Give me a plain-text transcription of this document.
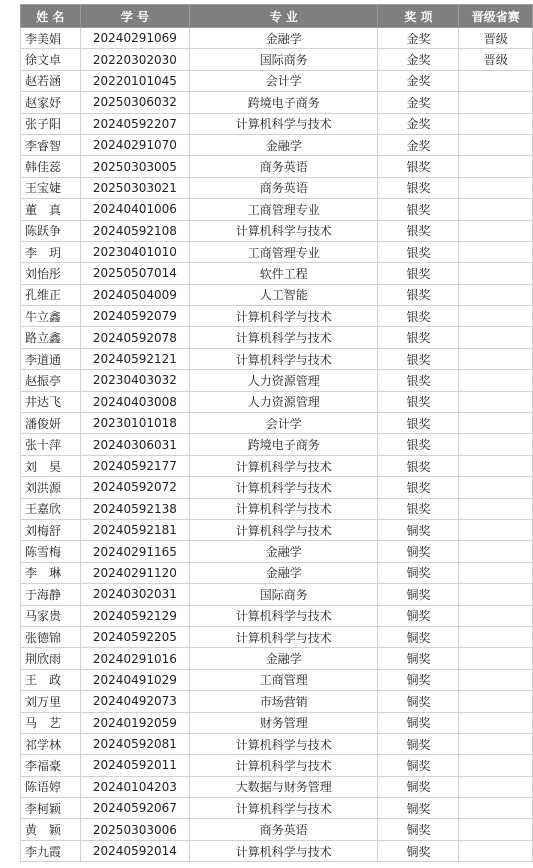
姓 名	学 号	专 业	奖 项	晋级省赛
李美娟	20240291069	金融学	金奖	晋级
徐文卓	20220302030	国际商务	金奖	晋级
赵若涵	20220101045	会计学	金奖	
赵家妤	20250306032	跨境电子商务	金奖	
张子阳	20240592207	计算机科学与技术	金奖	
李睿智	20240291070	金融学	金奖	
韩佳蕊	20250303005	商务英语	银奖	
王宝婕	20250303021	商务英语	银奖	
董　真	20240401006	工商管理专业	银奖	
陈跃争	20240592108	计算机科学与技术	银奖	
李　玥	20230401010	工商管理专业	银奖	
刘怡彤	20250507014	软件工程	银奖	
孔维正	20240504009	人工智能	银奖	
牛立鑫	20240592079	计算机科学与技术	银奖	
路立鑫	20240592078	计算机科学与技术	银奖	
李道通	20240592121	计算机科学与技术	银奖	
赵振亭	20230403032	人力资源管理	银奖	
井达飞	20240403008	人力资源管理	银奖	
潘俊妍	20230101018	会计学	银奖	
张十萍	20240306031	跨境电子商务	银奖	
刘　昊	20240592177	计算机科学与技术	银奖	
刘洪源	20240592072	计算机科学与技术	银奖	
王嘉欣	20240592138	计算机科学与技术	银奖	
刘梅舒	20240592181	计算机科学与技术	铜奖	
陈雪梅	20240291165	金融学	铜奖	
李　琳	20240291120	金融学	铜奖	
于海静	20240302031	国际商务	铜奖	
马家贵	20240592129	计算机科学与技术	铜奖	
张德锦	20240592205	计算机科学与技术	铜奖	
荆欣雨	20240291016	金融学	铜奖	
王　政	20240491029	工商管理	铜奖	
刘万里	20240492073	市场营销	铜奖	
马　艺	20240192059	财务管理	铜奖	
祁学林	20240592081	计算机科学与技术	铜奖	
李福豪	20240592011	计算机科学与技术	铜奖	
陈语婷	20240104203	大数据与财务管理	铜奖	
李柯颖	20240592067	计算机科学与技术	铜奖	
黄　颖	20250303006	商务英语	铜奖	
李九霞	20240592014	计算机科学与技术	铜奖	
